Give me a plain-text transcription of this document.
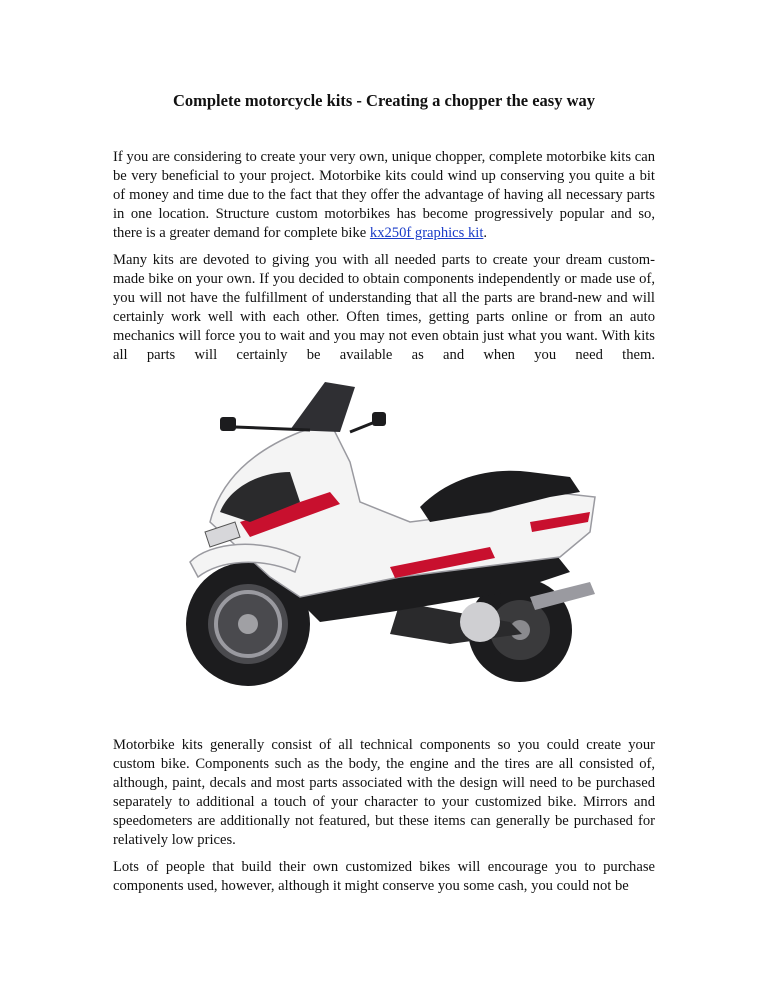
Complete motorcycle kits - Creating a chopper the easy way

If you are considering to create your very own, unique chopper, complete motorbike kits can be very beneficial to your project. Motorbike kits could wind up conserving you quite a bit of money and time due to the fact that they offer the advantage of having all necessary parts in one location. Structure custom motorbikes has become progressively popular and so, there is a greater demand for complete bike kx250f graphics kit.

Many kits are devoted to giving you with all needed parts to create your dream custom-made bike on your own. If you decided to obtain components independently or made use of, you will not have the fulfillment of understanding that all the parts are brand-new and will certainly work well with each other. Often times, getting parts online or from an auto mechanics will force you to wait and you may not even obtain just what you want. With kits all parts will certainly be available as and when you need them.

Motorbike kits generally consist of all technical components so you could create your custom bike. Components such as the body, the engine and the tires are all consisted of, although, paint, decals and most parts associated with the design will need to be purchased separately to additional a touch of your character to your customized bike. Mirrors and speedometers are additionally not featured, but these items can generally be purchased for relatively low prices.

Lots of people that build their own customized bikes will encourage you to purchase components used, however, although it might conserve you some cash, you could not be
